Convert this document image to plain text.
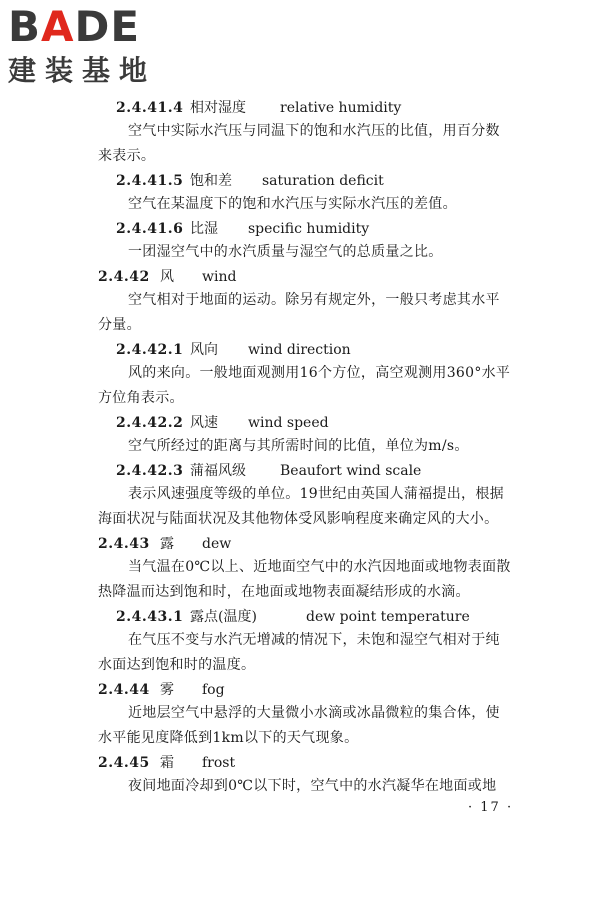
BADE
建装基地
2.4.41.4 相对湿度 relative humidity
空气中实际水汽压与同温下的饱和水汽压的比值，用百分数来表示。
2.4.41.5 饱和差 saturation deficit
空气在某温度下的饱和水汽压与实际水汽压的差值。
2.4.41.6 比湿 specific humidity
一团湿空气中的水汽质量与湿空气的总质量之比。
2.4.42 风 wind
空气相对于地面的运动。除另有规定外，一般只考虑其水平分量。
2.4.42.1 风向 wind direction
风的来向。一般地面观测用16个方位，高空观测用360°水平方位角表示。
2.4.42.2 风速 wind speed
空气所经过的距离与其所需时间的比值，单位为m/s。
2.4.42.3 蒲福风级 Beaufort wind scale
表示风速强度等级的单位。19世纪由英国人蒲福提出，根据海面状况与陆面状况及其他物体受风影响程度来确定风的大小。
2.4.43 露 dew
当气温在0℃以上、近地面空气中的水汽因地面或地物表面散热降温而达到饱和时，在地面或地物表面凝结形成的水滴。
2.4.43.1 露点(温度)	dew point temperature
在气压不变与水汽无增减的情况下，未饱和湿空气相对于纯水面达到饱和时的温度。
2.4.44 雾 fog
近地层空气中悬浮的大量微小水滴或冰晶微粒的集合体，使水平能见度降低到1km以下的天气现象。
2.4.45 霜 frost
夜间地面冷却到0℃以下时，空气中的水汽凝华在地面或地
· 17 ·
